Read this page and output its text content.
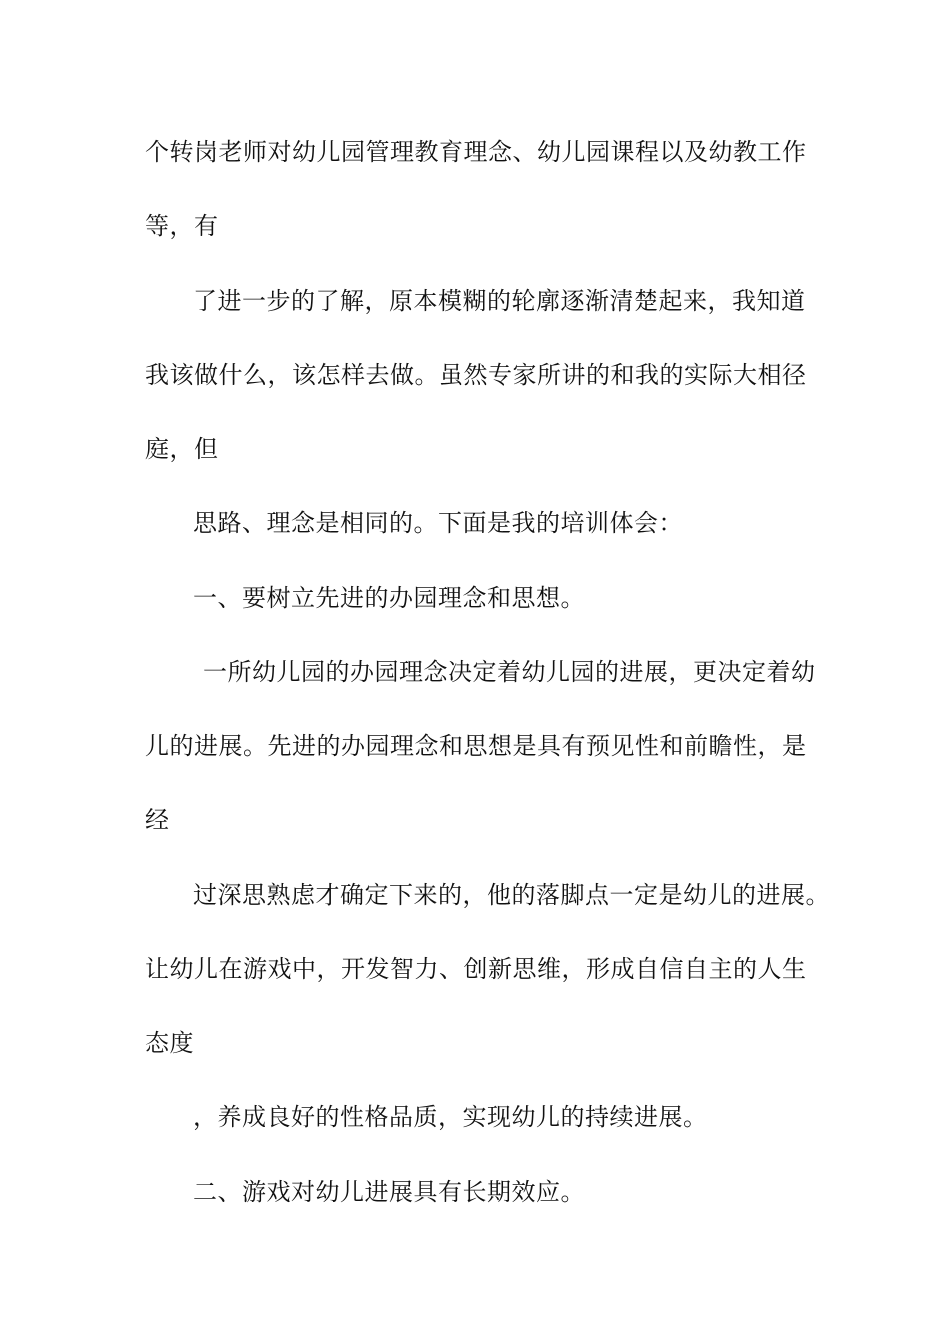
个转岗老师对幼儿园管理教育理念、幼儿园课程以及幼教工作
等，有
了进一步的了解，原本模糊的轮廓逐渐清楚起来，我知道
我该做什么，该怎样去做。虽然专家所讲的和我的实际大相径
庭，但
思路、理念是相同的。下面是我的培训体会：
一、要树立先进的办园理念和思想。
一所幼儿园的办园理念决定着幼儿园的进展，更决定着幼
儿的进展。先进的办园理念和思想是具有预见性和前瞻性，是
经
过深思熟虑才确定下来的，他的落脚点一定是幼儿的进展。
让幼儿在游戏中，开发智力、创新思维，形成自信自主的人生
态度
，养成良好的性格品质，实现幼儿的持续进展。
二、游戏对幼儿进展具有长期效应。
